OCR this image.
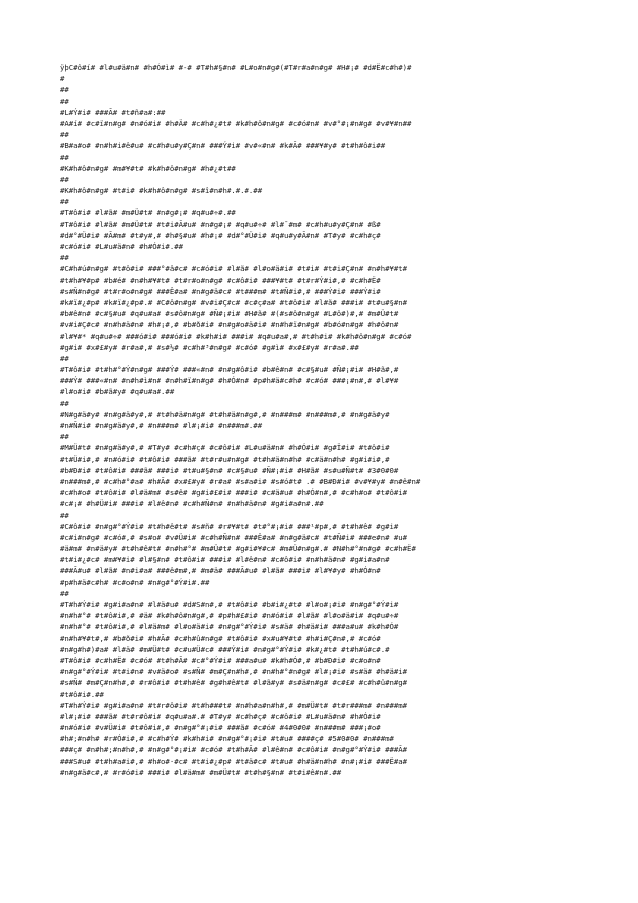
ÿþC#ô#í# #l#u#ä#n# #h#Ó#ì# #-# #T#h#§#n# #L#o#n#g#(#T#r#a#n#g# #H#¡# #d#Ë#c#h#)#
#
##
##
#L#Ý#i# ###Ã# #t#ñ#a#:##
#A#í# #c#ï#n#g# #n#ó#i# #h#Ä# #c#h#¿#t# #k#h#ô#n#g# #c#ó#n# #v#°#¡#n#g# #v#¥#n##
##
#B#a#o# #n#h#i#ê#u# #c#h#u#y#Ç#n# ###Ý#i# #v#«#n# #k#Ã# ###¥#y# #t#h#ô#i##
##
#K#h#ô#n#g# #m#¥#t# #k#h#ô#n#g# #h#¿#t##
##
#K#h#ô#n#g# #t#i# #k#h#ô#n#g# #s#î#n#h#.#.#.##
##
#T#ô#i# #l#ã# #m#Ü#t# #n#g#¡# #q#u#÷#.##
#T#ô#i# #l#ã# #m#Ü#t# #t#i#Ã#u# #n#g#¡# #q#u#÷# #l#¯#m# #c#h#u#y#Ç#n# #ß#
#d#°#Ü#i# #Ã#m# #t#y#,# #h#§#u# #h#¡# #d#°#Ü#i# #q#u#y#Ã#n# #T#y# #c#h#ç#
#c#ó#i# #L#u#ä#n# #h#Ó#i#.##
##
#C#h#ú#n#g# #t#ô#i# ###°#â#c# #c#ó#i# #l#ã# #l#o#ä#i# #t#i# #t#i#Ç#n# #n#h#¥#t#
#t#h#¥#p# #b#é# #n#h#¥#t# #t#r#o#n#g# #c#ô#i# ###¥#t# #t#r#Ý#i#,# #c#h#Ë#
#s#Ñ#n#g# #t#r#o#n#g# ###Ê#a# #n#g#ä#c# #t###m# #t#Ñ#i#,# ###Ý#i# ###Ý#i#
#k#ï#¿#p# #k#ï#¿#p#.# #C#ô#n#g# #v#i#Ç#c# #c#ç#a# #t#ô#i# #l#ã# ###i# #t#u#§#n#
#b#ê#n# #c#§#u# #q#u#a# #s#ô#n#g# #Ñ#¡#i# #H#ã# #(#s#ô#n#g# #L#ô#)#,# #m#Ü#t#
#v#i#Ç#c# #n#h#ä#n# #h#¡#,# #b#ð#i# #n#g#o#ä#i# #n#h#ï#n#g# #b#ó#n#g# #h#ô#n#
#l#¥#* #q#u#÷# ###ó#i# ###ó#i# #k#h#i# ###i# #q#u#a#,# #t#h#i# #k#h#ô#n#g# #c#ó#
#g#i# #x#£#y# #r#a#,# #s#½# #c#h#³#n#g# #c#ó# #g#ì# #x#£#y# #r#a#.##
##
#T#ô#i# #t#h#°#Ý#n#g# ###Ý# ###«#n# #n#g#ô#i# #b#ê#n# #c#§#u# #Ñ#¡#i# #H#ã#,#
###Ý# ###«#n# #n#h#ì#n# #n#h#ï#n#g# #h#Ó#n# #p#h#ä#c#h# #c#ó# ###¡#n#,# #l#¥#
#l#o#i# #b#ã#y# #q#u#a#.##
##
#N#g#ä#y# #n#g#ä#y#,# #t#h#ä#n#g# #t#h#ä#n#g#,# #n###m# #n###m#,# #n#g#ä#y#
#n#Ñ#i# #n#g#ä#y#,# #n###m# #l#¡#i# #n###m#.##
##
#M#Ü#t# #n#g#ä#y#,# #T#y# #c#h#ç# #c#ô#i# #L#u#ä#n# #h#Ó#i# #g#Ï#i# #t#ô#i#
#t#Ü#i#,# #n#ó#i# #t#ô#i# ###ã# #t#r#u#n#g# #t#h#ä#n#h# #c#ä#n#h# #g#i#i#,#
#b#Ð#i# #t#ô#i# ###ã# ###i# #t#u#§#n# #c#§#u# #Ñ#¡#i# #H#ã# #s#u#Ñ#t# #3#0#0#
#n###m#,# #c#h#°#a# #h#Ã# #x#£#y# #r#a# #s#a#i# #s#ó#t# .# #B#Ð#i# #v#¥#y# #n#ê#n#
#c#h#o# #t#ô#i# #l#ä#m# #s#ê# #g#i#£#i# ###i# #c#ä#u# #h#Ó#n#,# #c#h#o# #t#ô#i#
#c#¡# #h#Ü#i# ###i# #l#ê#n# #c#h#Ñ#n# #n#h#ä#n# #g#i#a#n#.##
##
#C#ô#i# #n#g#°#Ý#i# #t#h#ê#t# #s#ñ# #r#¥#t# #t#°#¡#i# ###¹#p#,# #t#h#ê# #g#i#
#c#i#n#g# #c#ó#,# #s#o# #v#Ü#i# #c#h#Ñ#n# ###Ê#a# #n#g#ä#c# #t#Ñ#i# ###e#n# #u#
#ä#m# #n#ä#y# #t#h#ê#t# #n#h#°# #m#Ü#t# #g#i#¥#c# #m#Ü#n#g#.# #N#h#°#n#g# #c#h#Ë#
#t#i#¿#c# #m#¥#i# #l#§#n# #t#ô#i# ###i# #l#ê#n# #c#ô#i# #n#h#ä#n# #g#i#a#n#
###Ã#u# #l#ã# #n#i#a# ###ê#m#,# #m#ä# ###Ã#u# #l#ã# ###i# #l#¥#y# #h#Ó#n#
#p#h#ä#c#h# #c#o#n# #n#g#°#Ý#i#.##
##
#T#h#Ý#i# #g#i#a#n# #l#ä#u# #d#S#n#,# #t#ô#i# #b#i#¿#t# #l#o#¡#i# #n#g#°#Ý#i#
#n#h#°# #t#ô#i#,# #ä# #k#h#ô#n#g#,# #p#h#£#i# #n#ó#i# #l#ã# #l#o#ä#i# #q#u#÷#
#n#h#°# #t#ô#i#,# #l#ä#m# #l#o#ä#i# #n#g#°#Ý#i# #s#ä# #h#ä#i# ###a#u# #k#h#Ó#
#n#h#¥#t#,# #b#ð#i# #h#Ã# #c#h#û#n#g# #t#ô#i# #x#u#¥#t# #h#i#Ç#n#,# #c#ó#
#n#g#h#)#a# #l#ä# #m#Ü#t# #c#u#Ü#c# ###Ý#i# #n#g#°#Ý#i# #k#¿#t# #t#h#ú#c#.#
#T#ô#i# #c#h#Ë# #c#ó# #t#h#Ã# #c#°#Ý#i# ###a#u# #k#h#Ó#,# #b#Ð#i# #c#o#n#
#n#g#°#Ý#i# #t#i#n# #v#ä#o# #s#Ñ# #m#Ç#n#h#,# #n#h#°#n#g# #l#¡#i# #s#ä# #h#ä#i#
#s#Ñ# #m#Ç#n#h#,# #r#ô#i# #t#h#ê# #g#h#ê#t# #l#ã#y# #s#ä#n#g# #c#£# #c#h#û#n#g#
#t#ô#i#.##
#T#h#Ý#i# #g#i#a#n# #t#r#ô#i# #t#h###t# #n#h#a#n#h#,# #m#Ü#t# #t#r###m# #n###m#
#l#¡#i# ###ã# #t#r#ô#i# #q#u#a#.# #T#y# #c#h#ç# #c#ô#i# #L#u#ä#n# #h#Ó#i#
#n#ó#i# #v#Ü#i# #t#ô#i#,# #n#g#°#¡#i# ###ã# #c#ó# #4#0#0# #n###m# ###¡#o#
#h#;#n#h# #r#Ó#i#,# #c#h#Ý# #k#h#i# #n#g#°#¡#i# #t#u# ####ç# #5#0#0# #n###m#
###ç# #n#h#;#n#h#,# #n#g#°#¡#i# #c#ó# #t#h#Ã# #l#ê#n# #c#ô#i# #n#g#°#Ý#i# ###Ã#
###S#u# #t#h#a#i#,# #h#o#·#c# #t#i#¿#p# #t#ä#c# #t#u# #h#ä#n#h# #n#¡#i# ###Ë#a#
#n#g#ä#c#,# #r#ó#i# ###i# #l#ä#m# #m#Ü#t# #t#h#§#n# #t#i#ê#n#.##
